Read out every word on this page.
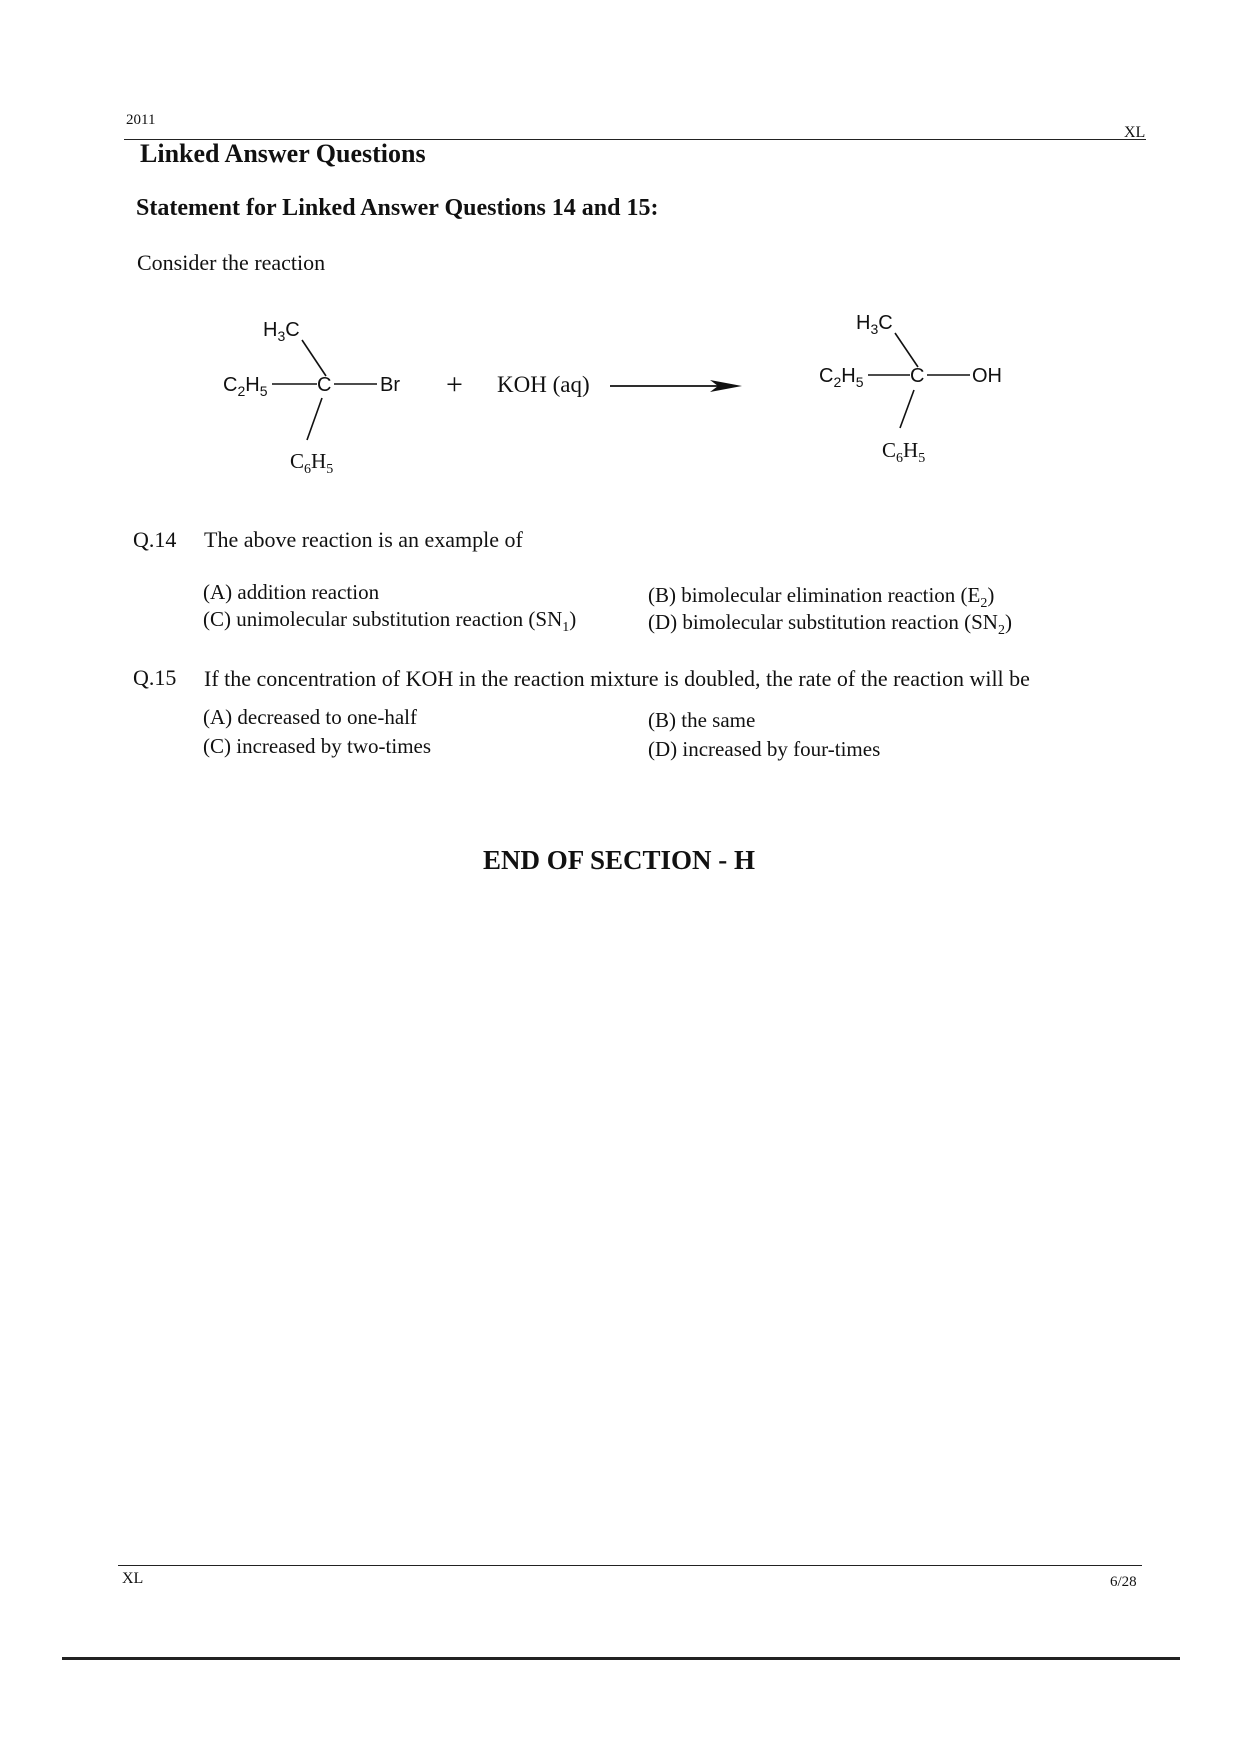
2011
XL
Linked Answer Questions
Statement for Linked Answer Questions 14 and 15:
Consider the reaction
$H_3C$
$C_2H_5$ C Br
$C_6H_5$
+ KOH (aq)
$H_3C$
$C_2H_5$ C OH
$C_6H_5$
Q.14 The above reaction is an example of
(A) addition reaction	(B) bimolecular elimination reaction $(E_2)$
(C) unimolecular substitution reaction $(SN_1)$	(D) bimolecular substitution reaction $(SN_2)$
Q.15 If the concentration of KOH in the reaction mixture is doubled, the rate of the reaction will be
(A) decreased to one-half	(B) the same
(C) increased by two-times	(D) increased by four-times
END OF SECTION - H
XL	6/28
